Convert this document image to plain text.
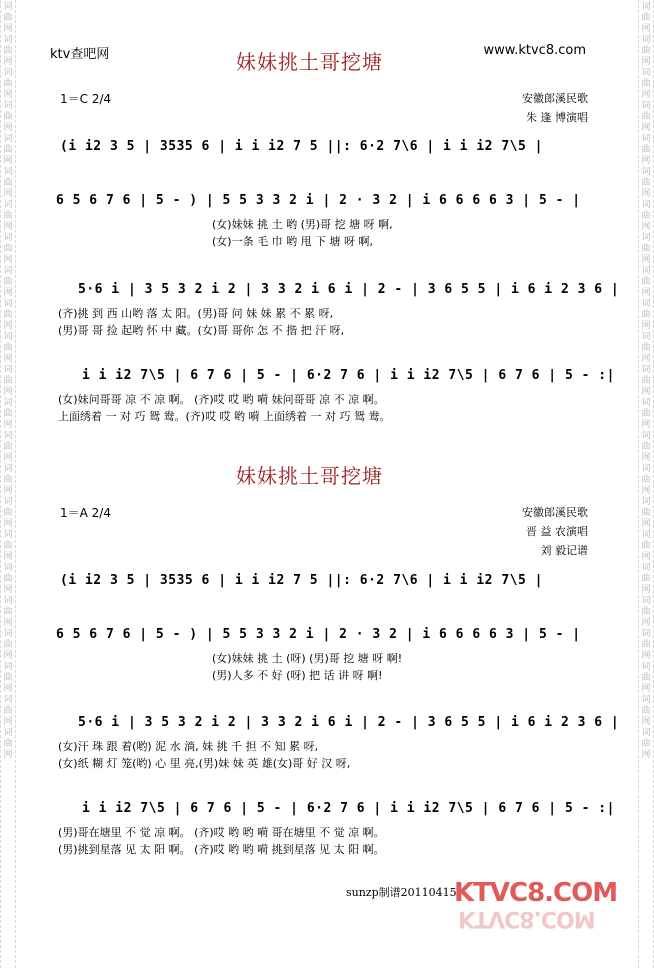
词曲网词曲网词曲网词曲网词曲网词曲网词曲网词曲网词曲网词曲网词曲网词曲网词曲网词曲网词曲网词曲网词曲网词曲网词曲网词曲网词曲网词曲网词曲网
词曲网词曲网词曲网词曲网词曲网词曲网词曲网词曲网词曲网词曲网词曲网词曲网词曲网词曲网词曲网词曲网词曲网词曲网词曲网词曲网词曲网词曲网词曲网
ktv查吧网	www.ktvc8.com
妹妹挑土哥挖塘
1＝C 2/4	安徽郎溪民歌
朱 逢 博演唱
(i i2 3 5 | 3535 6 | i i i2 7 5 ||: 6·2 7\6 | i i i2 7\5 |
6 5 6 7 6 | 5 - ) | 5 5 3 3 2 i | 2 · 3 2 | i 6 6 6 6 3 | 5 - |
(女)妹妹 挑 土 哟 (男)哥 挖 塘 呀 啊,
(女)一条 毛 巾 哟 甩 下 塘 呀 啊,
5·6 i | 3 5 3 2 i 2 | 3 3 2 i 6 i | 2 - | 3 6 5 5 | i 6 i 2 3 6 |
(齐)挑 到 西 山哟 落 太 阳。(男)哥 问 妹 妹 累 不 累 呀,
(男)哥 哥 捡 起哟 怀 中 藏。(女)哥 哥你 怎 不 揩 把 汗 呀,
i i i2 7\5 | 6 7 6 | 5 - | 6·2 7 6 | i i i2 7\5 | 6 7 6 | 5 - :|
(女)妹问哥哥 凉 不 凉 啊。 (齐)哎 哎 哟 嗬 妹问哥哥 凉 不 凉 啊。
上面绣着 一 对 巧 鸳 鸯。(齐)哎 哎 哟 嗬 上面绣着 一 对 巧 鸳 鸯。
妹妹挑土哥挖塘
1＝A 2/4	安徽郎溪民歌
晋 益 农演唱
刘 毅记谱
(i i2 3 5 | 3535 6 | i i i2 7 5 ||: 6·2 7\6 | i i i2 7\5 |
6 5 6 7 6 | 5 - ) | 5 5 3 3 2 i | 2 · 3 2 | i 6 6 6 6 3 | 5 - |
(女)妹妹 挑 土 (呀) (男)哥 挖 塘 呀 啊!
(男)人多 不 好 (呀) 把 话 讲 呀 啊!
5·6 i | 3 5 3 2 i 2 | 3 3 2 i 6 i | 2 - | 3 6 5 5 | i 6 i 2 3 6 |
(女)汗 珠 跟 着(哟) 泥 水 淌, 妹 挑 千 担 不 知 累 呀,
(女)纸 糊 灯 笼(哟) 心 里 亮,(男)妹 妹 英 雄(女)哥 好 汉 呀,
i i i2 7\5 | 6 7 6 | 5 - | 6·2 7 6 | i i i2 7\5 | 6 7 6 | 5 - :|
(男)哥在塘里 不 觉 凉 啊。 (齐)哎 哟 哟 嗬 哥在塘里 不 觉 凉 啊。
(男)挑到星落 见 太 阳 啊。 (齐)哎 哟 哟 嗬 挑到星落 见 太 阳 啊。
sunzp制谱20110415.
KTVC8.COM
KTVC8.COM
